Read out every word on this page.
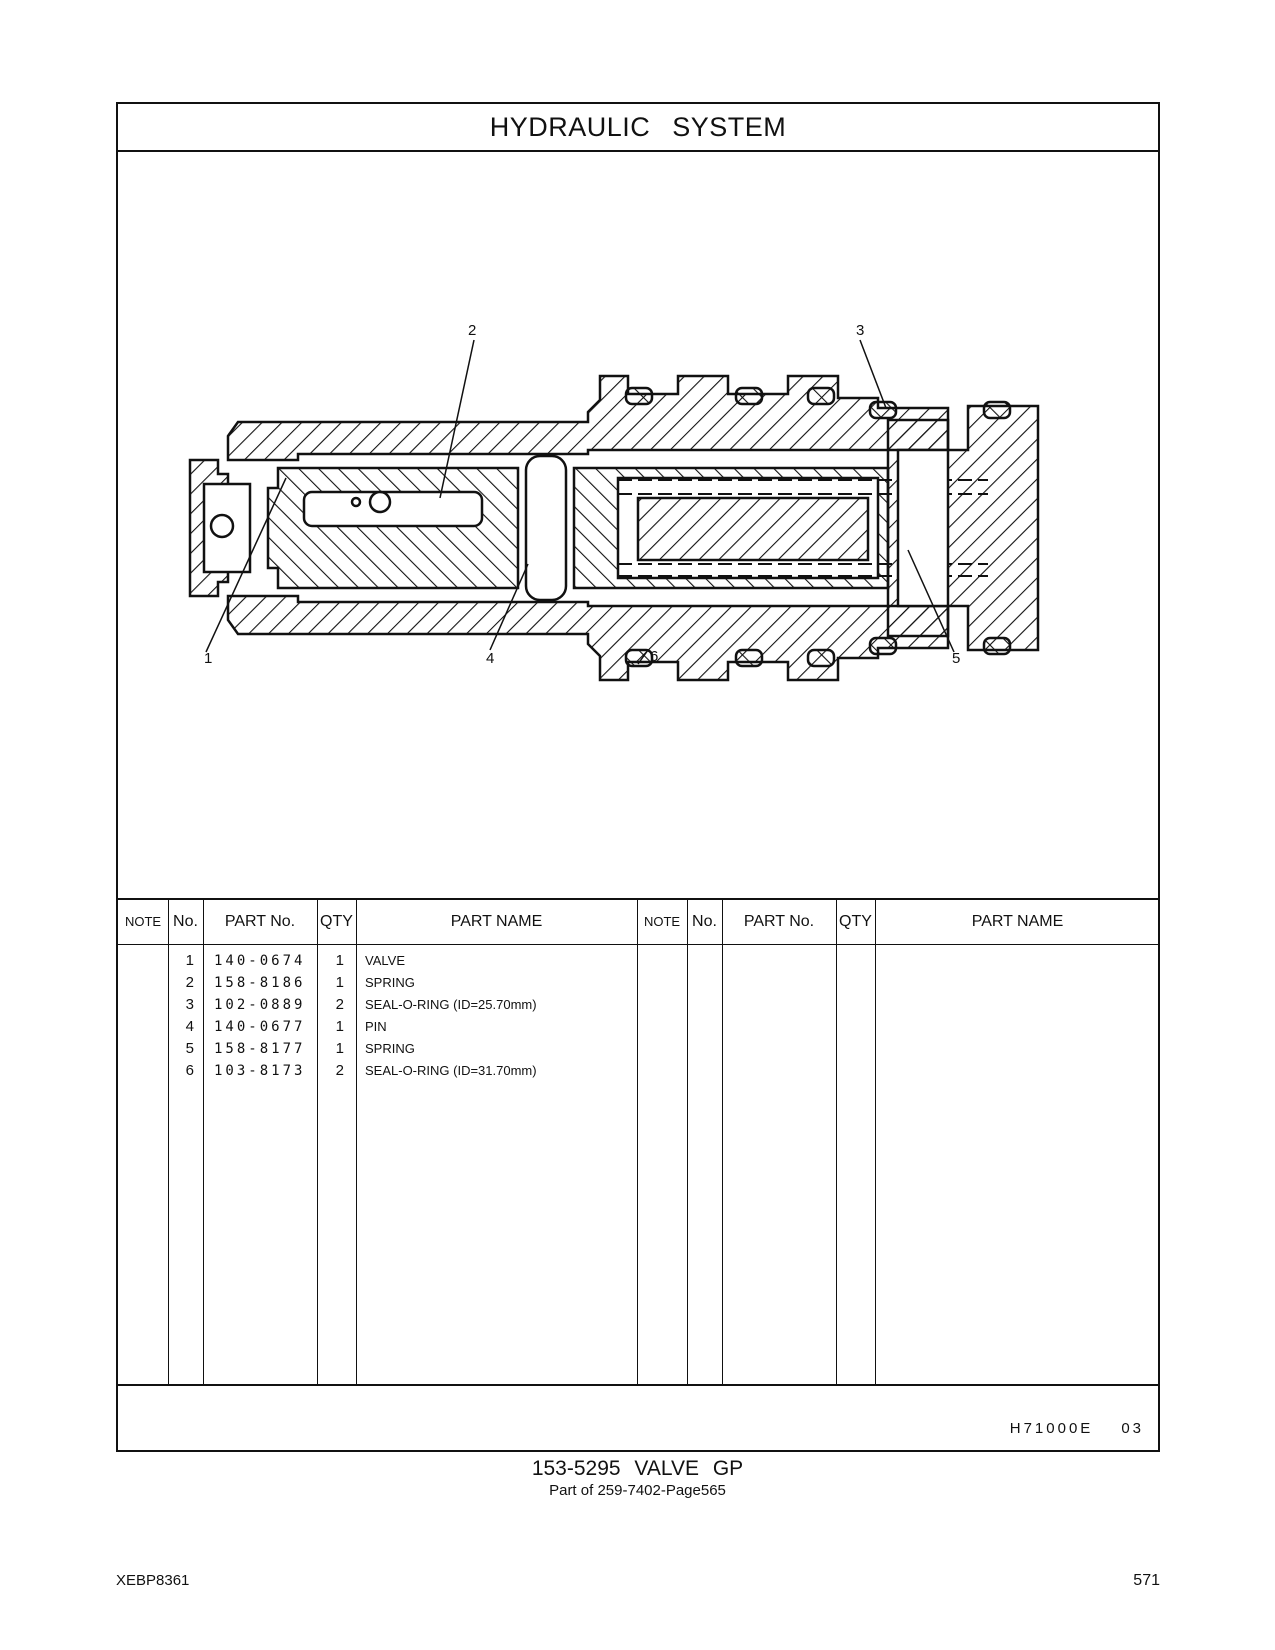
HYDRAULIC SYSTEM
1
2	3
4	5
6
NOTE No.	PART No.	QTY	PART NAME	NOTE No.	PART No.	QTY	PART NAME
1 140-0674	1 VALVE
2 158-8186	1 SPRING
3 102-0889	2 SEAL-O-RING (ID=25.70mm)
4 140-0677	1 PIN
5 158-8177	1 SPRING
6 103-8173	2 SEAL-O-RING (ID=31.70mm)
H71000E 03
153-5295 VALVE GP
Part of 259-7402-Page565
XEBP8361	571
